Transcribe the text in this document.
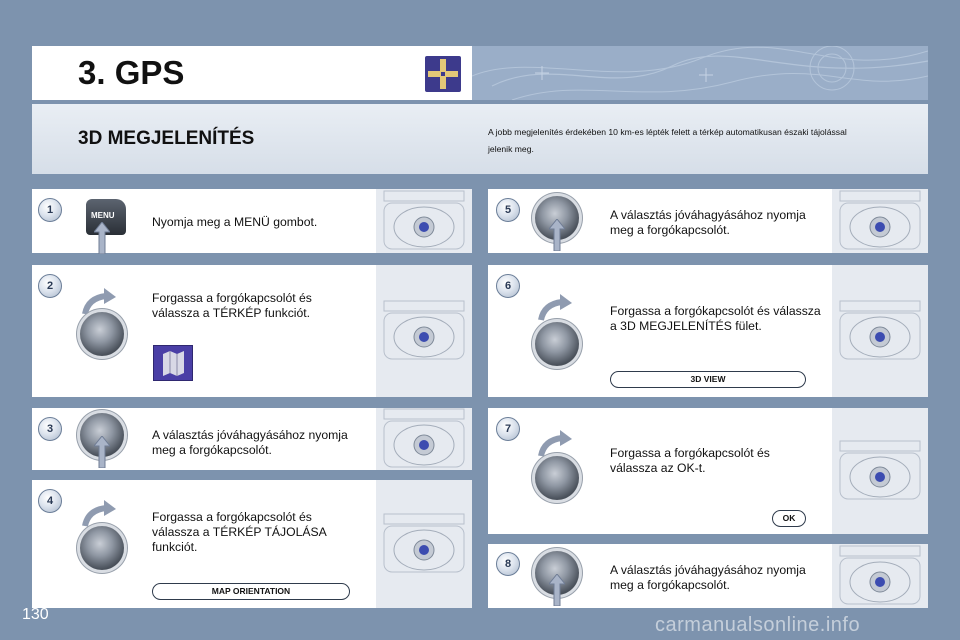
3. GPS
3D MEGJELENÍTÉS	A jobb megjelenítés érdekében 10 km-es lépték felett a térkép automatikusan északi tájolással jelenik meg.
1	MENU	Nyomja meg a MENÜ gombot.
2
Forgassa a forgókapcsolót és válassza a TÉRKÉP funkciót.
3	A választás jóváhagyásához nyomja meg a forgókapcsolót.
4
Forgassa a forgókapcsolót és válassza a TÉRKÉP TÁJOLÁSA funkciót.
MAP ORIENTATION
5	A választás jóváhagyásához nyomja meg a forgókapcsolót.
6
Forgassa a forgókapcsolót és válassza a 3D MEGJELENÍTÉS fület.
3D VIEW
7
Forgassa a forgókapcsolót és válassza az OK-t.
OK
8	A választás jóváhagyásához nyomja meg a forgókapcsolót.
130	carmanualsonline.info
